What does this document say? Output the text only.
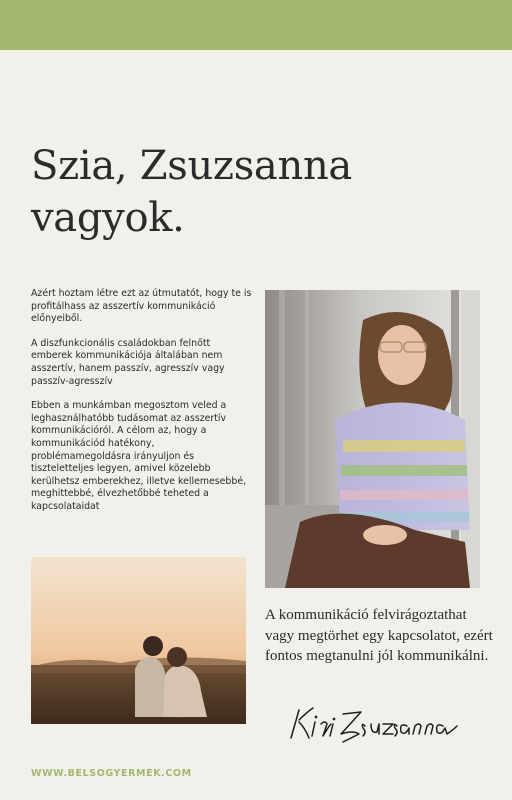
Szia, Zsuzsanna
vagyok.

Azért hoztam létre ezt az útmutatót, hogy te is profitálhass az asszertív kommunikáció előnyeiből.

A diszfunkcionális családokban felnőtt emberek kommunikációja általában nem asszertív, hanem passzív, agresszív vagy passzív-agresszív

Ebben a munkámban megosztom veled a leghasználhatóbb tudásomat az asszertív kommunikációról. A célom az, hogy a kommunikációd hatékony, problémamegoldásra irányuljon és tiszteletteljes legyen, amivel közelebb kerülhetsz emberekhez, illetve kellemesebbé, meghittebbé, élvezhetőbbé teheted a kapcsolataidat

A kommunikáció felvirágoztathat vagy megtörhet egy kapcsolatot, ezért fontos megtanulni jól kommunikálni.
WWW.BELSOGYERMEK.COM
